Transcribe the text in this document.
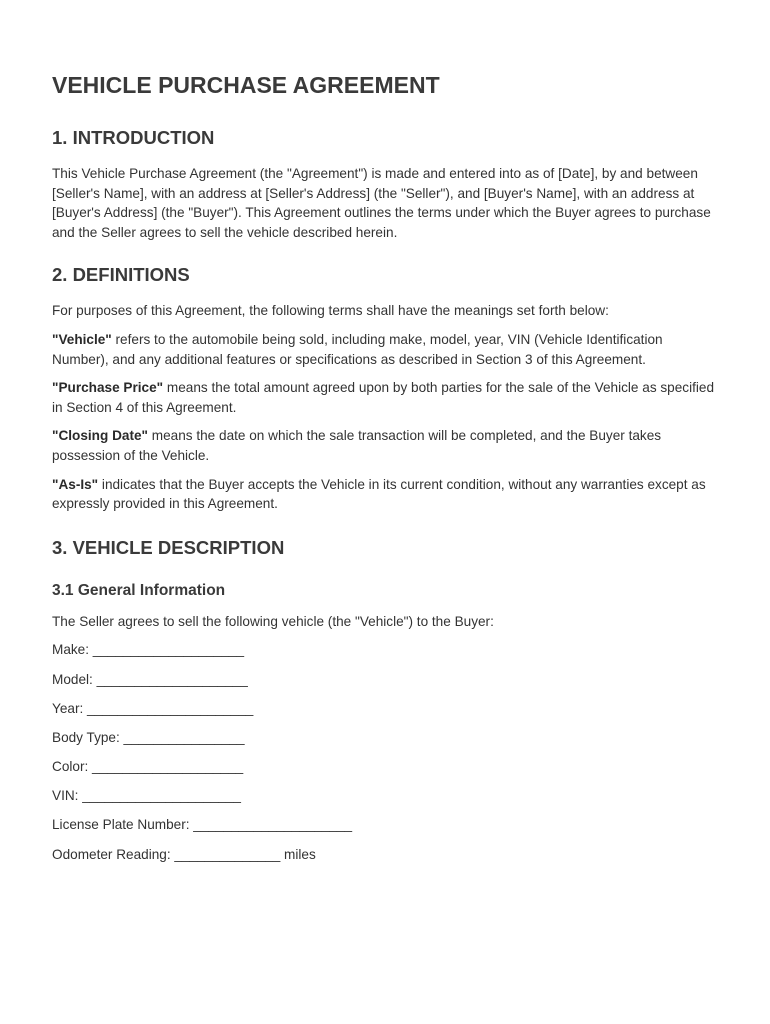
VEHICLE PURCHASE AGREEMENT
1. INTRODUCTION

This Vehicle Purchase Agreement (the "Agreement") is made and entered into as of [Date], by and between [Seller's Name], with an address at [Seller's Address] (the "Seller"), and [Buyer's Name], with an address at [Buyer's Address] (the "Buyer"). This Agreement outlines the terms under which the Buyer agrees to purchase and the Seller agrees to sell the vehicle described herein.

2. DEFINITIONS

For purposes of this Agreement, the following terms shall have the meanings set forth below:

"Vehicle" refers to the automobile being sold, including make, model, year, VIN (Vehicle Identification Number), and any additional features or specifications as described in Section 3 of this Agreement.

"Purchase Price" means the total amount agreed upon by both parties for the sale of the Vehicle as specified in Section 4 of this Agreement.

"Closing Date" means the date on which the sale transaction will be completed, and the Buyer takes possession of the Vehicle.

"As-Is" indicates that the Buyer accepts the Vehicle in its current condition, without any warranties except as expressly provided in this Agreement.

3. VEHICLE DESCRIPTION
3.1 General Information

The Seller agrees to sell the following vehicle (the "Vehicle") to the Buyer:

Make: ____________________

Model: ____________________

Year: ______________________

Body Type: ________________

Color: ____________________

VIN: _____________________

License Plate Number: _____________________

Odometer Reading: ______________ miles
